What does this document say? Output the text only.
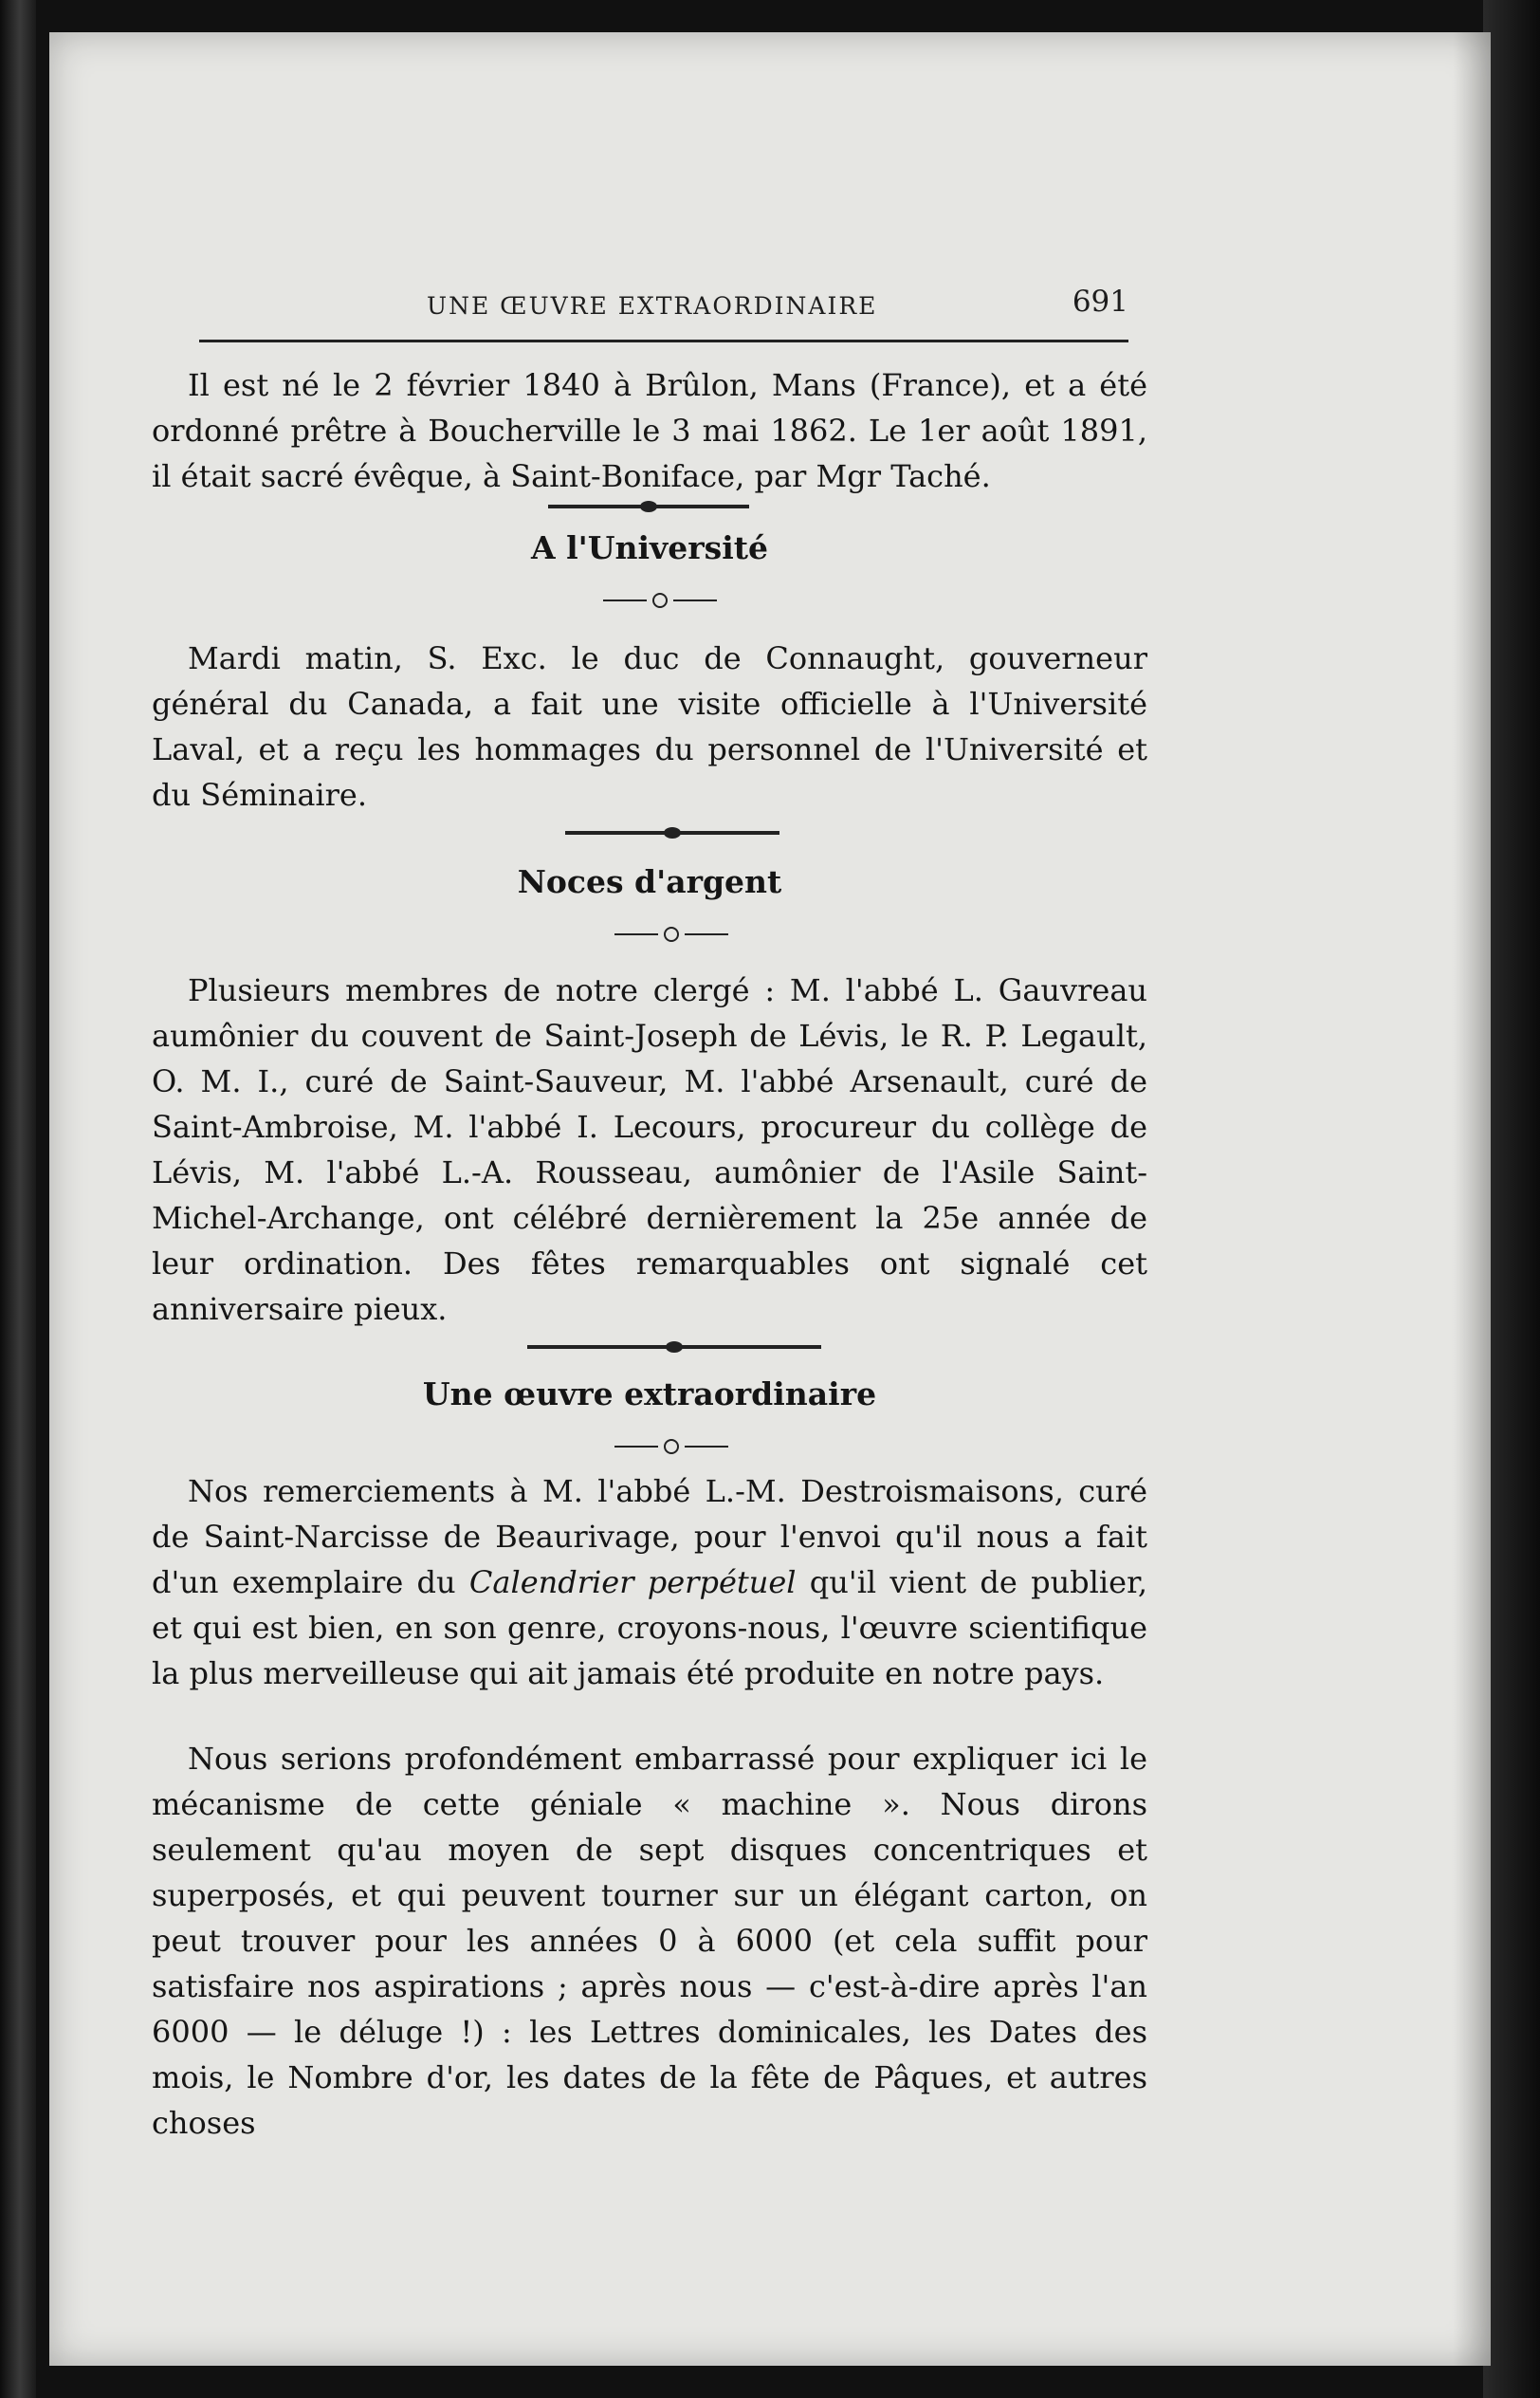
UNE ŒUVRE EXTRAORDINAIRE	691

Il est né le 2 février 1840 à Brûlon, Mans (France), et a été ordonné prêtre à Boucherville le 3 mai 1862. Le 1er août 1891, il était sacré évêque, à Saint-Boniface, par Mgr Taché.

A l'Université

Mardi matin, S. Exc. le duc de Connaught, gouverneur général du Canada, a fait une visite officielle à l'Université Laval, et a reçu les hommages du personnel de l'Université et du Séminaire.

Noces d'argent

Plusieurs membres de notre clergé : M. l'abbé L. Gauvreau aumônier du couvent de Saint-Joseph de Lévis, le R. P. Legault, O. M. I., curé de Saint-Sauveur, M. l'abbé Arsenault, curé de Saint-Ambroise, M. l'abbé I. Lecours, procureur du collège de Lévis, M. l'abbé L.-A. Rousseau, aumônier de l'Asile Saint-Michel-Archange, ont célébré dernièrement la 25e année de leur ordination. Des fêtes remarquables ont signalé cet anniversaire pieux.

Une œuvre extraordinaire

Nos remerciements à M. l'abbé L.-M. Destroismaisons, curé de Saint-Narcisse de Beaurivage, pour l'envoi qu'il nous a fait d'un exemplaire du Calendrier perpétuel qu'il vient de publier, et qui est bien, en son genre, croyons-nous, l'œuvre scientifique la plus merveilleuse qui ait jamais été produite en notre pays.

Nous serions profondément embarrassé pour expliquer ici le mécanisme de cette géniale « machine ». Nous dirons seulement qu'au moyen de sept disques concentriques et superposés, et qui peuvent tourner sur un élégant carton, on peut trouver pour les années 0 à 6000 (et cela suffit pour satisfaire nos aspirations ; après nous — c'est-à-dire après l'an 6000 — le déluge !) : les Lettres dominicales, les Dates des mois, le Nombre d'or, les dates de la fête de Pâques, et autres choses
